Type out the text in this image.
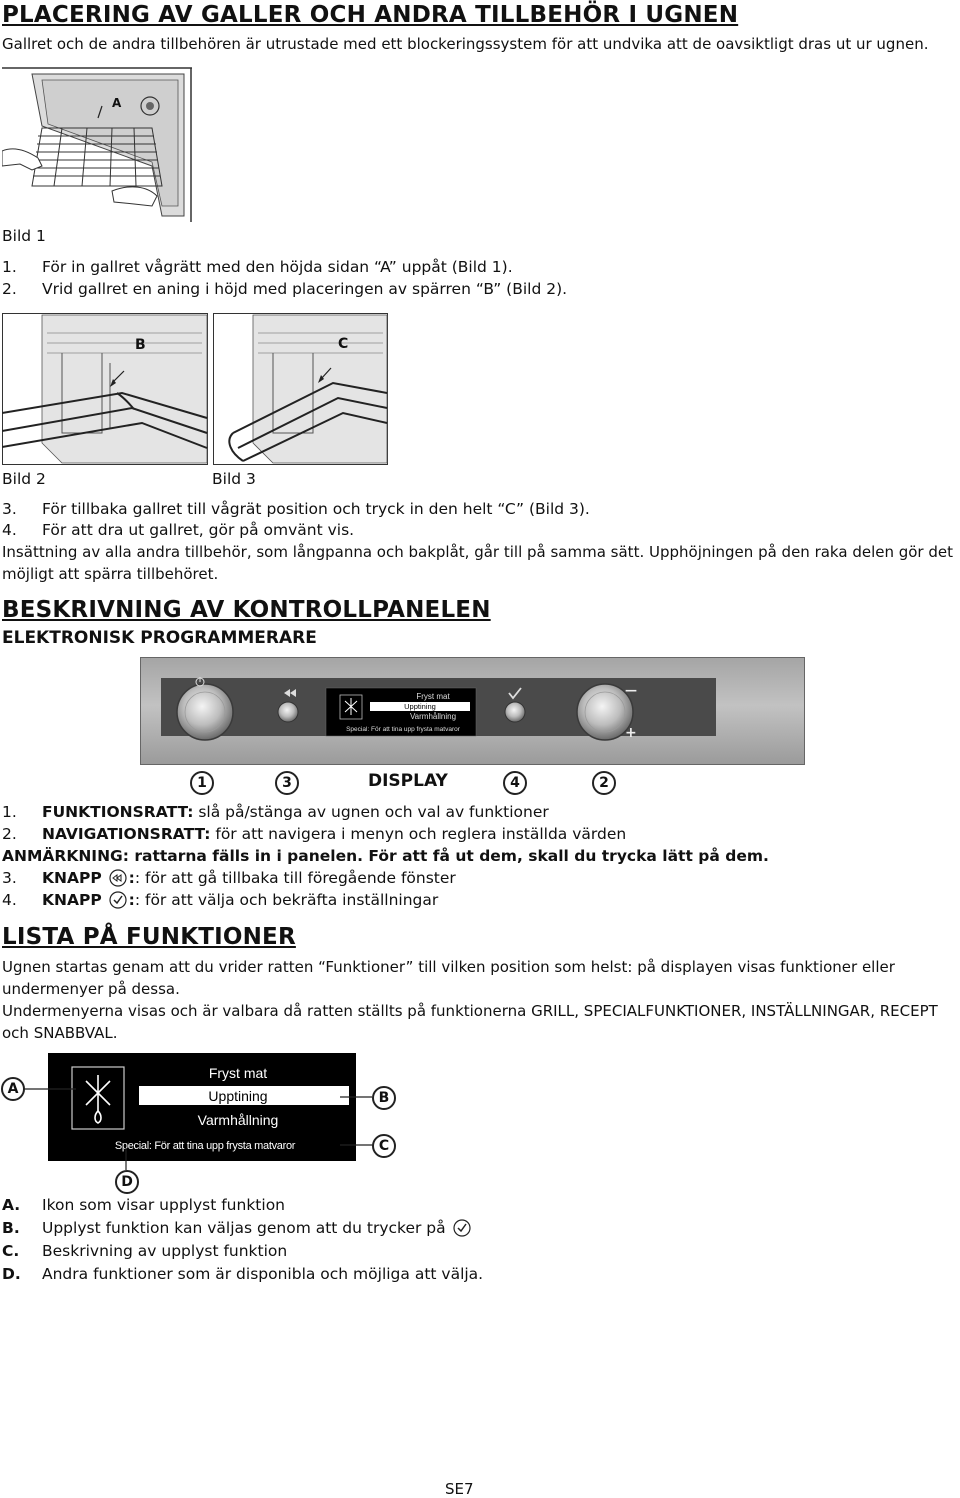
PLACERING AV GALLER OCH ANDRA TILLBEHÖR I UGNEN
Gallret och de andra tillbehören är utrustade med ett blockeringssystem för att undvika att de oavsiktligt dras ut ur ugnen.
A
Bild 1
1. För in gallret vågrätt med den höjda sidan “A” uppåt (Bild 1).
2. Vrid gallret en aning i höjd med placeringen av spärren “B” (Bild 2).
B	C
Bild 2	Bild 3
3. För tillbaka gallret till vågrät position och tryck in den helt “C” (Bild 3).
4. För att dra ut gallret, gör på omvänt vis.
Insättning av alla andra tillbehör, som långpanna och bakplåt, går till på samma sätt. Upphöjningen på den raka delen gör det
möjligt att spärra tillbehöret.
BESKRIVNING AV KONTROLLPANELEN
ELEKTRONISK PROGRAMMERARE
Fryst mat
Upptining
Varmhållning
Special: För att tina upp frysta matvaror
—
+
1	3	DISPLAY	4	2
1. FUNKTIONSRATT: slå på/stänga av ugnen och val av funktioner
2. NAVIGATIONSRATT: för att navigera i menyn och reglera inställda värden
ANMÄRKNING: rattarna fälls in i panelen. För att få ut dem, skall du trycka lätt på dem.
3. KNAPP :: för att gå tillbaka till föregående fönster
4. KNAPP :: för att välja och bekräfta inställningar
LISTA PÅ FUNKTIONER
Ugnen startas genam att du vrider ratten “Funktioner” till vilken position som helst: på displayen visas funktioner eller undermenyer på dessa.
Undermenyerna visas och är valbara då ratten ställts på funktionerna GRILL, SPECIALFUNKTIONER, INSTÄLLNINGAR, RECEPT och SNABBVAL.
Fryst mat
Upptining
Varmhållning
Special: För att tina upp frysta matvaror
A
B
C
D
A. Ikon som visar upplyst funktion
B. Upplyst funktion kan väljas genom att du trycker på
C. Beskrivning av upplyst funktion
D. Andra funktioner som är disponibla och möjliga att välja.
SE7
